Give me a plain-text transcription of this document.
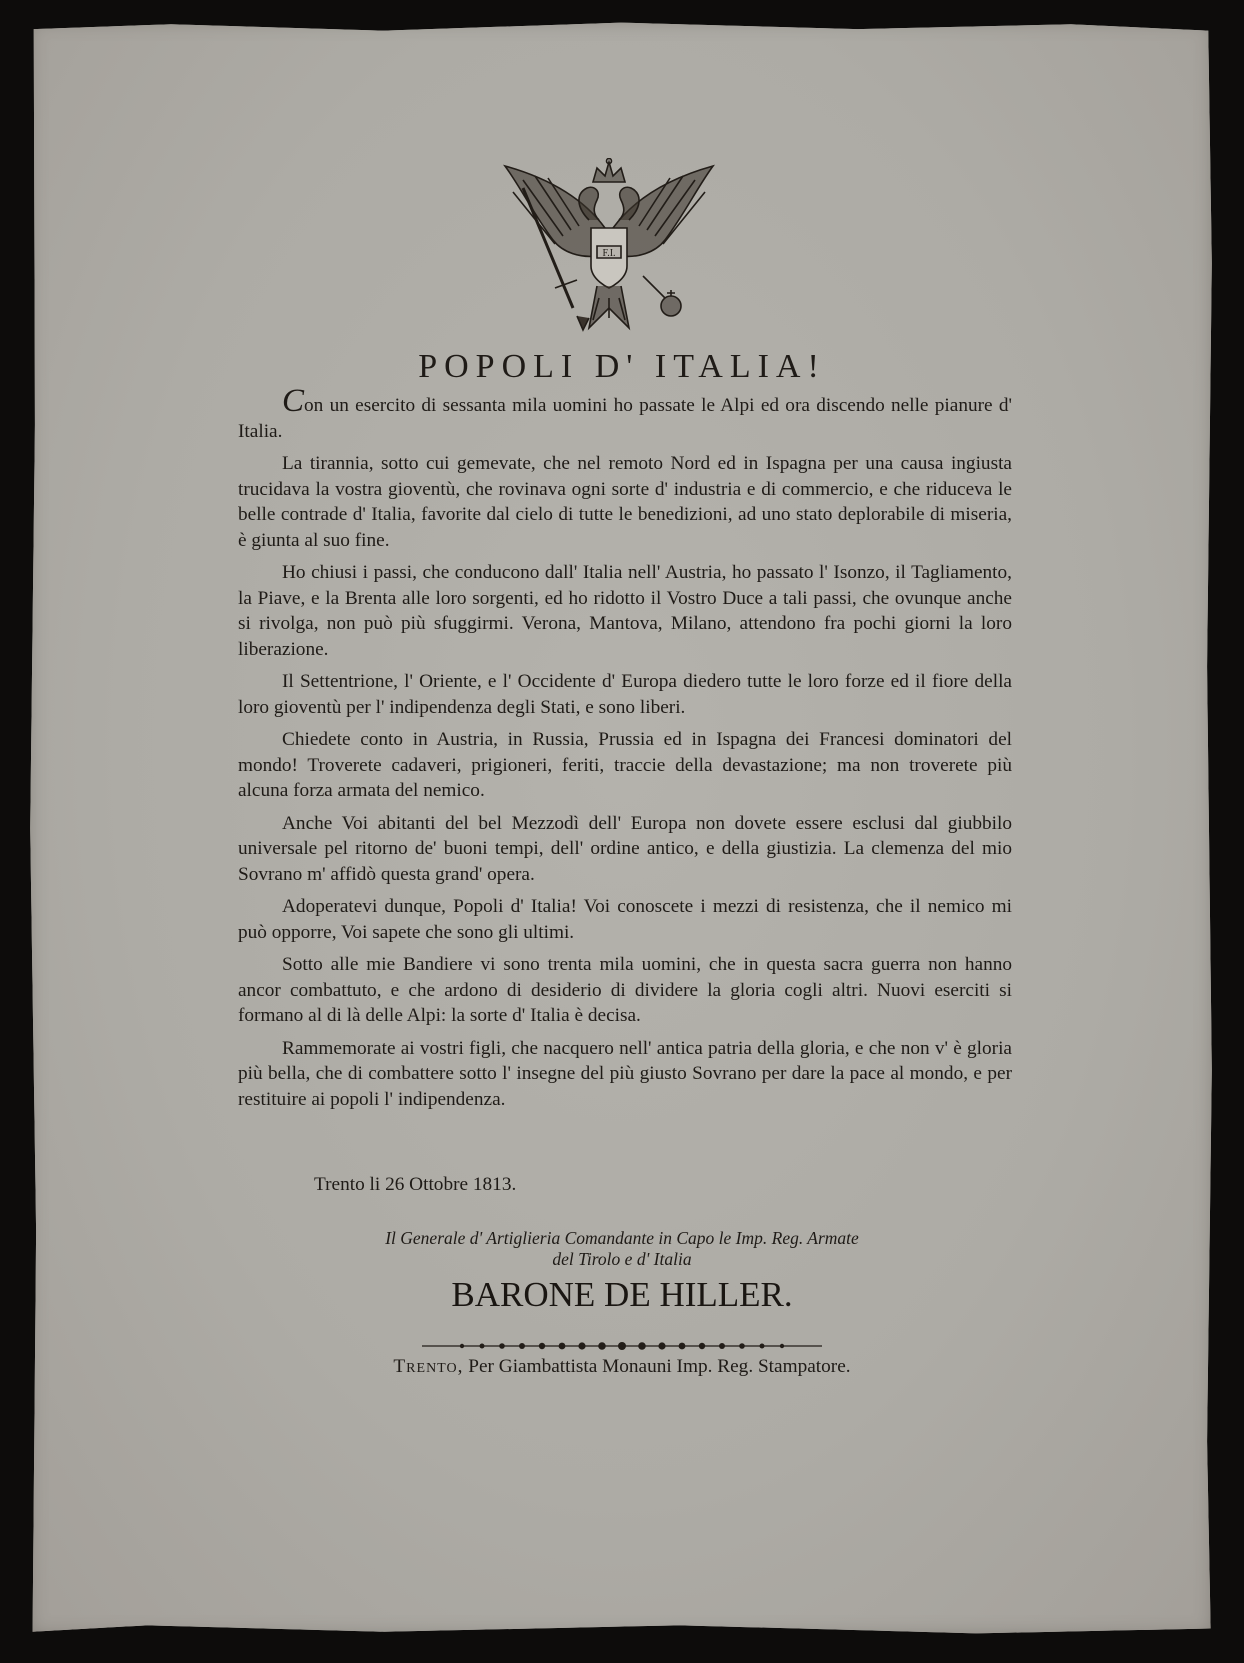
F.I.
POPOLI D' ITALIA!

Con un esercito di sessanta mila uomini ho passate le Alpi ed ora discendo nelle pianure d' Italia.

La tirannia, sotto cui gemevate, che nel remoto Nord ed in Ispagna per una causa ingiusta trucidava la vostra gioventù, che rovinava ogni sorte d' industria e di commercio, e che riduceva le belle contrade d' Italia, favorite dal cielo di tutte le benedizioni, ad uno stato deplorabile di miseria, è giunta al suo fine.

Ho chiusi i passi, che conducono dall' Italia nell' Austria, ho passato l' Isonzo, il Tagliamento, la Piave, e la Brenta alle loro sorgenti, ed ho ridotto il Vostro Duce a tali passi, che ovunque anche si rivolga, non può più sfuggirmi. Verona, Mantova, Milano, attendono fra pochi giorni la loro liberazione.

Il Settentrione, l' Oriente, e l' Occidente d' Europa diedero tutte le loro forze ed il fiore della loro gioventù per l' indipendenza degli Stati, e sono liberi.

Chiedete conto in Austria, in Russia, Prussia ed in Ispagna dei Francesi dominatori del mondo! Troverete cadaveri, prigioneri, feriti, traccie della devastazione; ma non troverete più alcuna forza armata del nemico.

Anche Voi abitanti del bel Mezzodì dell' Europa non dovete essere esclusi dal giubbilo universale pel ritorno de' buoni tempi, dell' ordine antico, e della giustizia. La clemenza del mio Sovrano m' affidò questa grand' opera.

Adoperatevi dunque, Popoli d' Italia! Voi conoscete i mezzi di resistenza, che il nemico mi può opporre, Voi sapete che sono gli ultimi.

Sotto alle mie Bandiere vi sono trenta mila uomini, che in questa sacra guerra non hanno ancor combattuto, e che ardono di desiderio di dividere la gloria cogli altri. Nuovi eserciti si formano al di là delle Alpi: la sorte d' Italia è decisa.

Rammemorate ai vostri figli, che nacquero nell' antica patria della gloria, e che non v' è gloria più bella, che di combattere sotto l' insegne del più giusto Sovrano per dare la pace al mondo, e per restituire ai popoli l' indipendenza.

Trento li 26 Ottobre 1813.
Il Generale d' Artiglieria Comandante in Capo le Imp. Reg. Armate
del Tirolo e d' Italia
BARONE DE HILLER.
Trento, Per Giambattista Monauni Imp. Reg. Stampatore.
